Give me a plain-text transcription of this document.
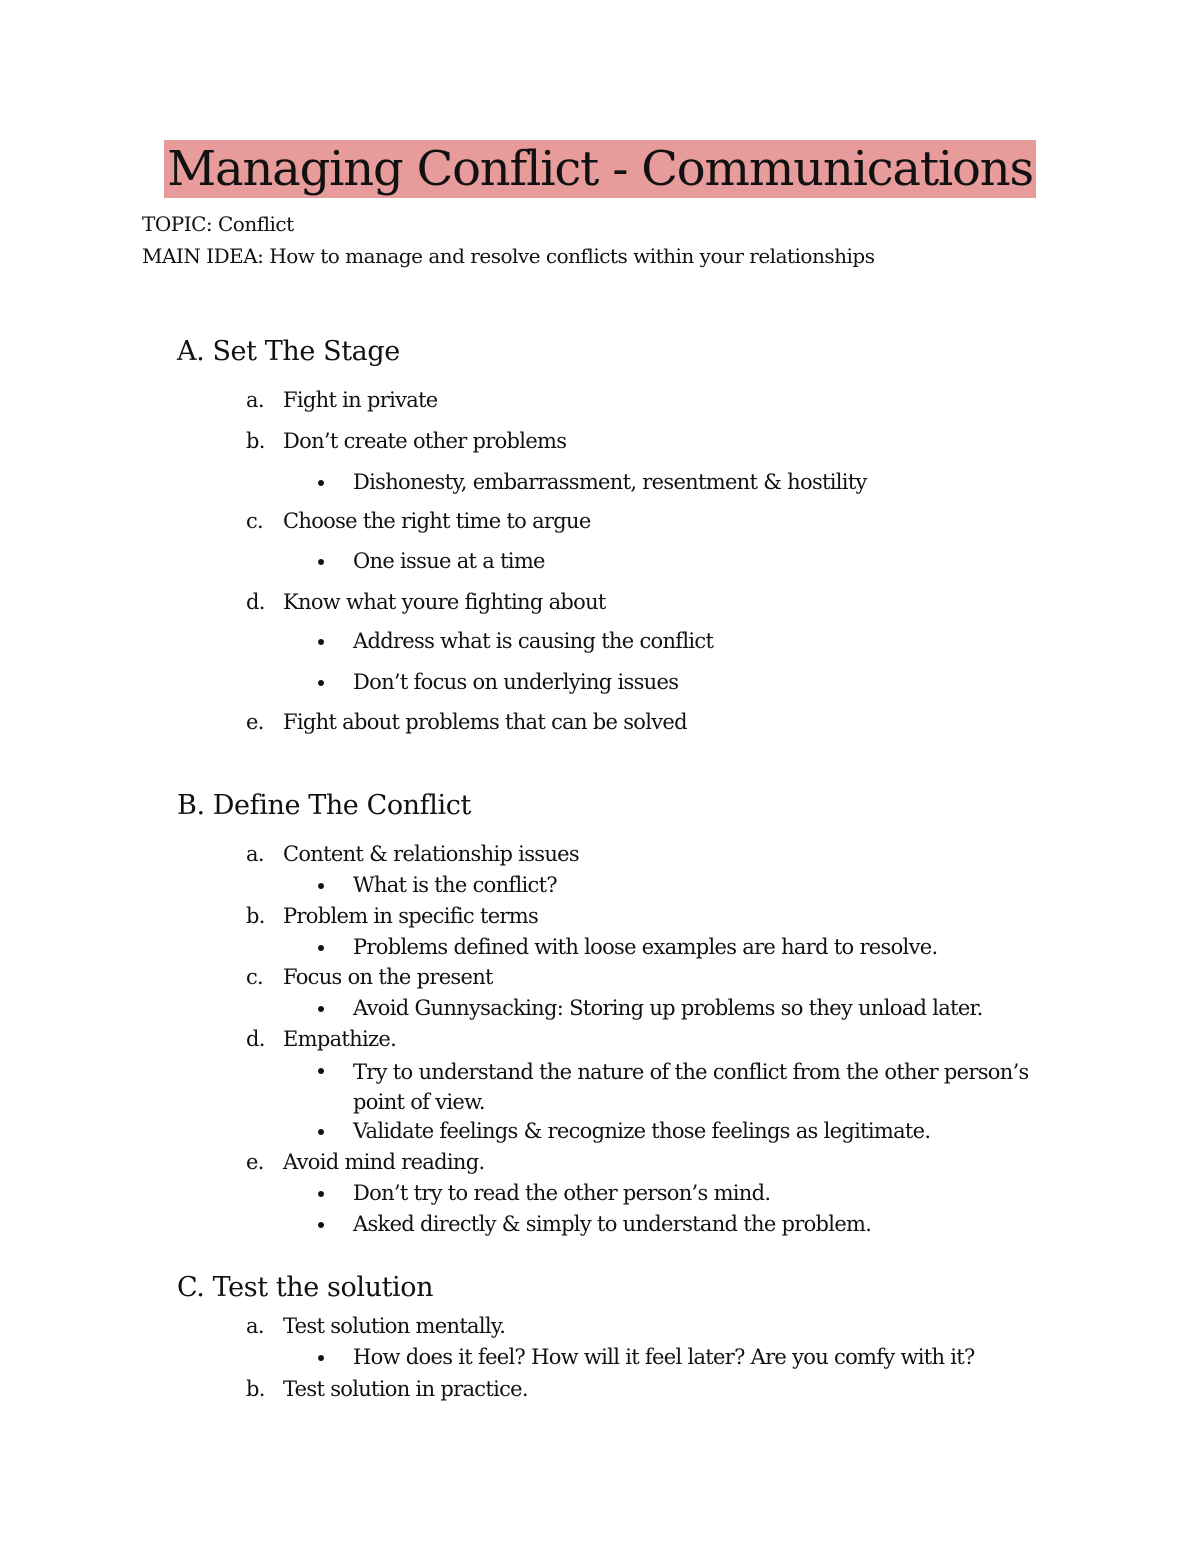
Managing Conflict - Communications
TOPIC: Conflict
MAIN IDEA: How to manage and resolve conflicts within your relationships
A. Set The Stage
a. Fight in private
b. Don’t create other problems
Dishonesty, embarrassment, resentment & hostility
c. Choose the right time to argue
One issue at a time
d. Know what youre fighting about
Address what is causing the conflict
Don’t focus on underlying issues
e. Fight about problems that can be solved
B. Define The Conflict
a. Content & relationship issues
What is the conflict?
b. Problem in specific terms
Problems defined with loose examples are hard to resolve.
c. Focus on the present
Avoid Gunnysacking: Storing up problems so they unload later.
d. Empathize.
Try to understand the nature of the conflict from the other person’s point of view.
Validate feelings & recognize those feelings as legitimate.
e. Avoid mind reading.
Don’t try to read the other person’s mind.
Asked directly & simply to understand the problem.
C. Test the solution
a. Test solution mentally.
How does it feel? How will it feel later? Are you comfy with it?
b. Test solution in practice.
